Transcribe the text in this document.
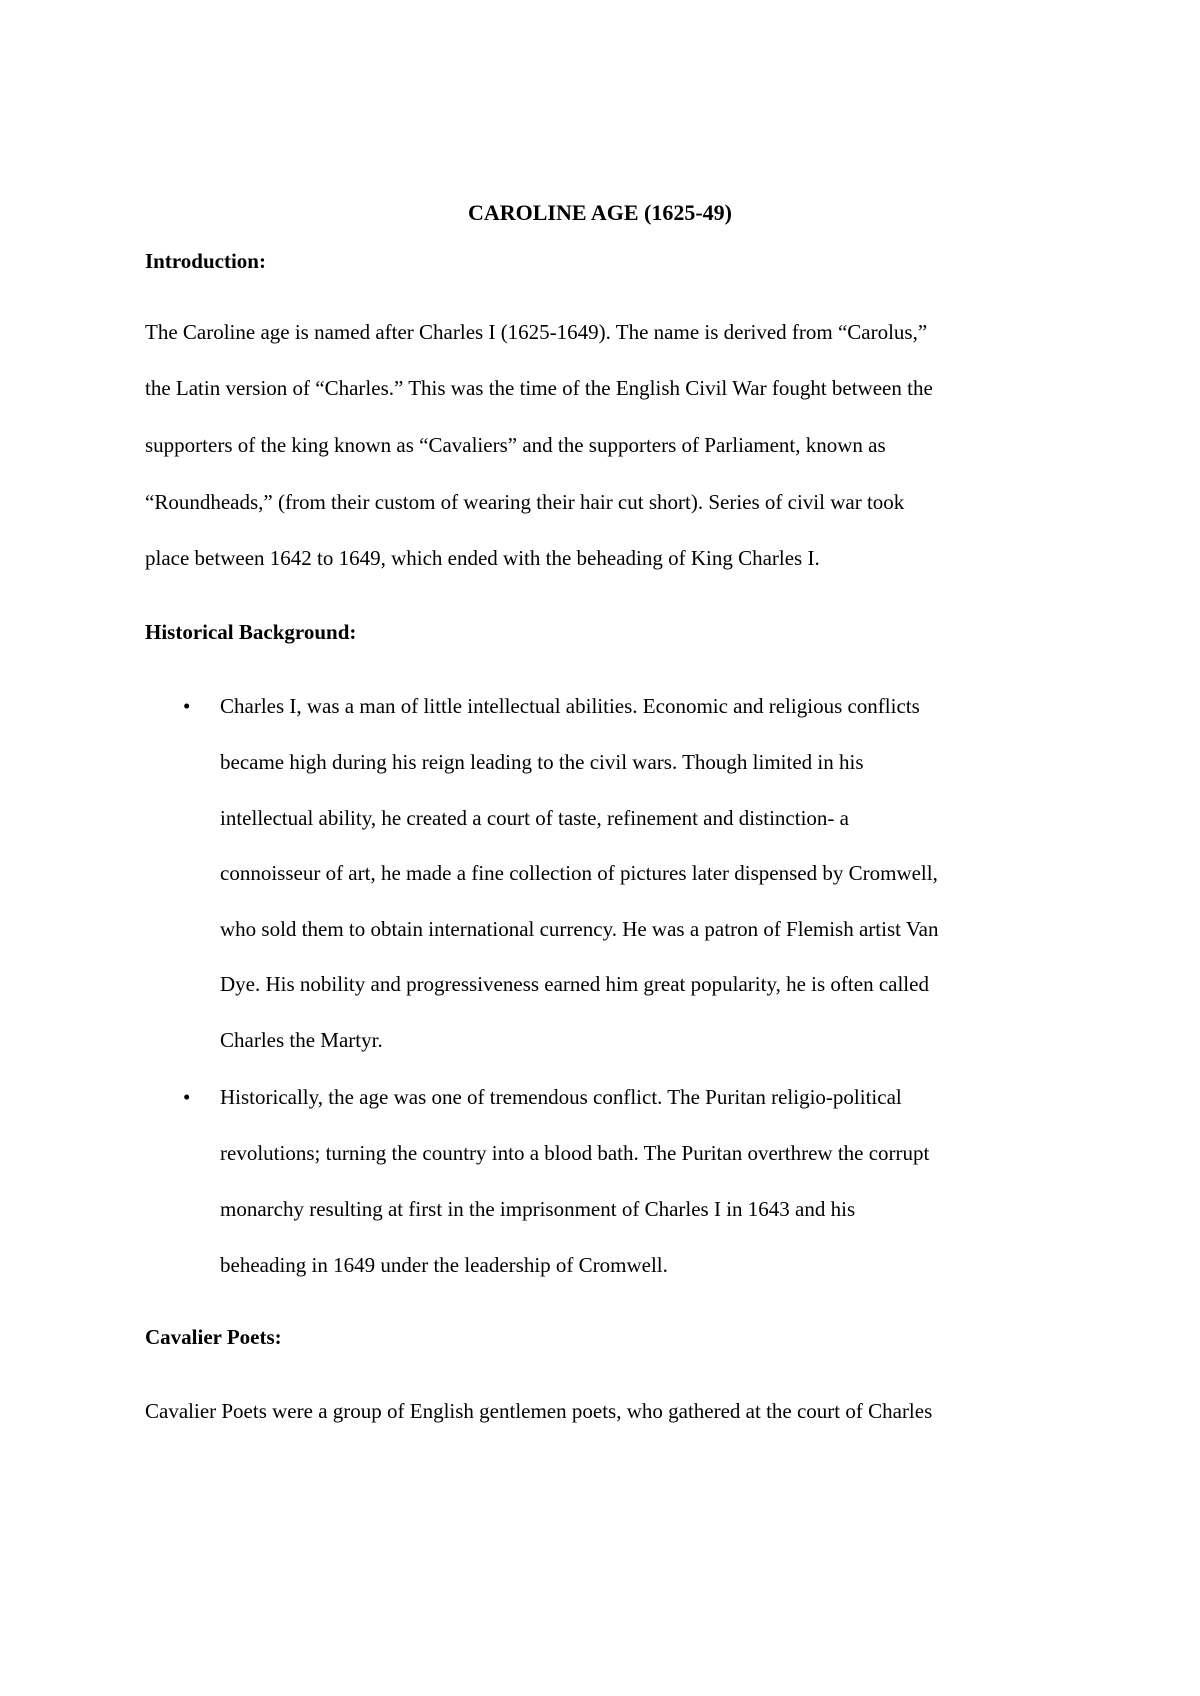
CAROLINE AGE (1625-49)
Introduction:
The Caroline age is named after Charles I (1625-1649). The name is derived from “Carolus,”
the Latin version of “Charles.” This was the time of the English Civil War fought between the
supporters of the king known as “Cavaliers” and the supporters of Parliament, known as
“Roundheads,” (from their custom of wearing their hair cut short). Series of civil war took
place between 1642 to 1649, which ended with the beheading of King Charles I.
Historical Background:
• Charles I, was a man of little intellectual abilities. Economic and religious conflicts
became high during his reign leading to the civil wars. Though limited in his
intellectual ability, he created a court of taste, refinement and distinction- a
connoisseur of art, he made a fine collection of pictures later dispensed by Cromwell,
who sold them to obtain international currency. He was a patron of Flemish artist Van
Dye. His nobility and progressiveness earned him great popularity, he is often called
Charles the Martyr.
• Historically, the age was one of tremendous conflict. The Puritan religio-political
revolutions; turning the country into a blood bath. The Puritan overthrew the corrupt
monarchy resulting at first in the imprisonment of Charles I in 1643 and his
beheading in 1649 under the leadership of Cromwell.
Cavalier Poets:
Cavalier Poets were a group of English gentlemen poets, who gathered at the court of Charles
